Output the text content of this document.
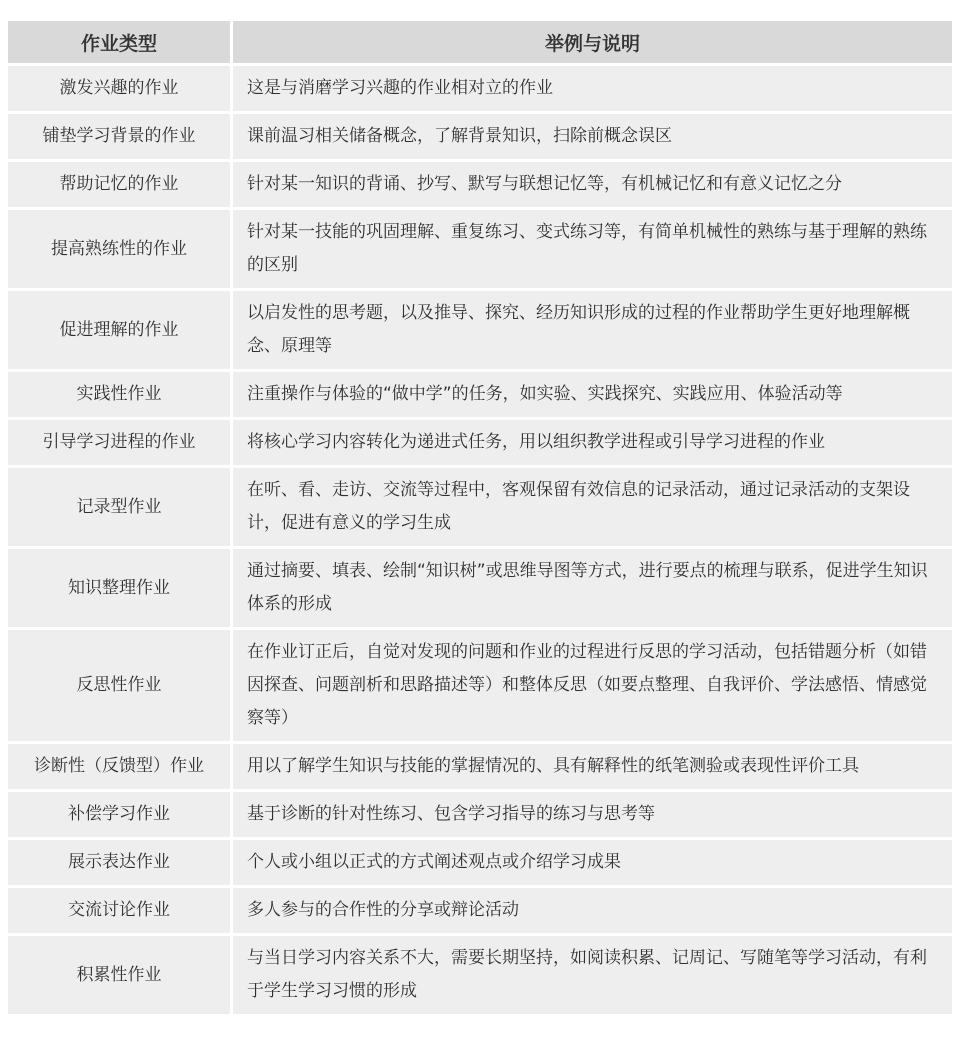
作业类型	举例与说明
激发兴趣的作业	这是与消磨学习兴趣的作业相对立的作业
铺垫学习背景的作业	课前温习相关储备概念，了解背景知识，扫除前概念误区
帮助记忆的作业	针对某一知识的背诵、抄写、默写与联想记忆等，有机械记忆和有意义记忆之分
提高熟练性的作业	针对某一技能的巩固理解、重复练习、变式练习等，有简单机械性的熟练与基于理解的熟练的区别
促进理解的作业	以启发性的思考题，以及推导、探究、经历知识形成的过程的作业帮助学生更好地理解概念、原理等
实践性作业	注重操作与体验的“做中学”的任务，如实验、实践探究、实践应用、体验活动等
引导学习进程的作业	将核心学习内容转化为递进式任务，用以组织教学进程或引导学习进程的作业
记录型作业	在听、看、走访、交流等过程中，客观保留有效信息的记录活动，通过记录活动的支架设计，促进有意义的学习生成
知识整理作业	通过摘要、填表、绘制“知识树”或思维导图等方式，进行要点的梳理与联系，促进学生知识体系的形成
反思性作业	在作业订正后，自觉对发现的问题和作业的过程进行反思的学习活动，包括错题分析（如错因探查、问题剖析和思路描述等）和整体反思（如要点整理、自我评价、学法感悟、情感觉察等）
诊断性（反馈型）作业	用以了解学生知识与技能的掌握情况的、具有解释性的纸笔测验或表现性评价工具
补偿学习作业	基于诊断的针对性练习、包含学习指导的练习与思考等
展示表达作业	个人或小组以正式的方式阐述观点或介绍学习成果
交流讨论作业	多人参与的合作性的分享或辩论活动
积累性作业	与当日学习内容关系不大，需要长期坚持，如阅读积累、记周记、写随笔等学习活动，有利于学生学习习惯的形成
